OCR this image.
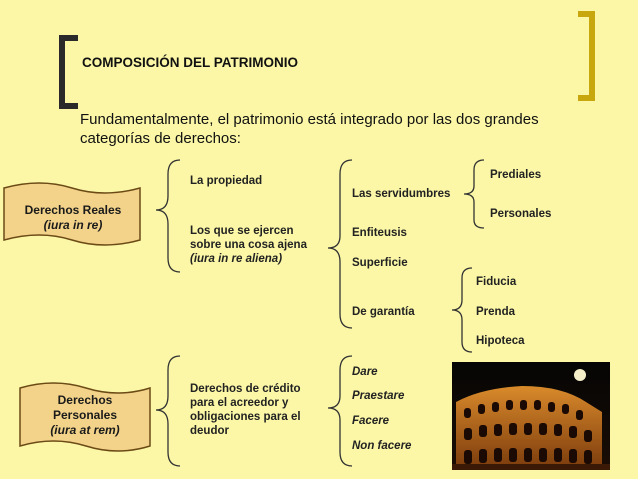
COMPOSICIÓN DEL PATRIMONIO
Fundamentalmente, el patrimonio está integrado por las dos grandes categorías de derechos:
Derechos Reales
(iura in re)
Derechos
Personales
(iura at rem)
La propiedad
Los que se ejercen
sobre una cosa ajena
(iura in re aliena)
Las servidumbres
Enfiteusis
Superficie
De garantía
Prediales
Personales
Fiducia
Prenda
Hipoteca
Derechos de crédito
para el acreedor y
obligaciones para el
deudor
Dare
Praestare
Facere
Non facere
